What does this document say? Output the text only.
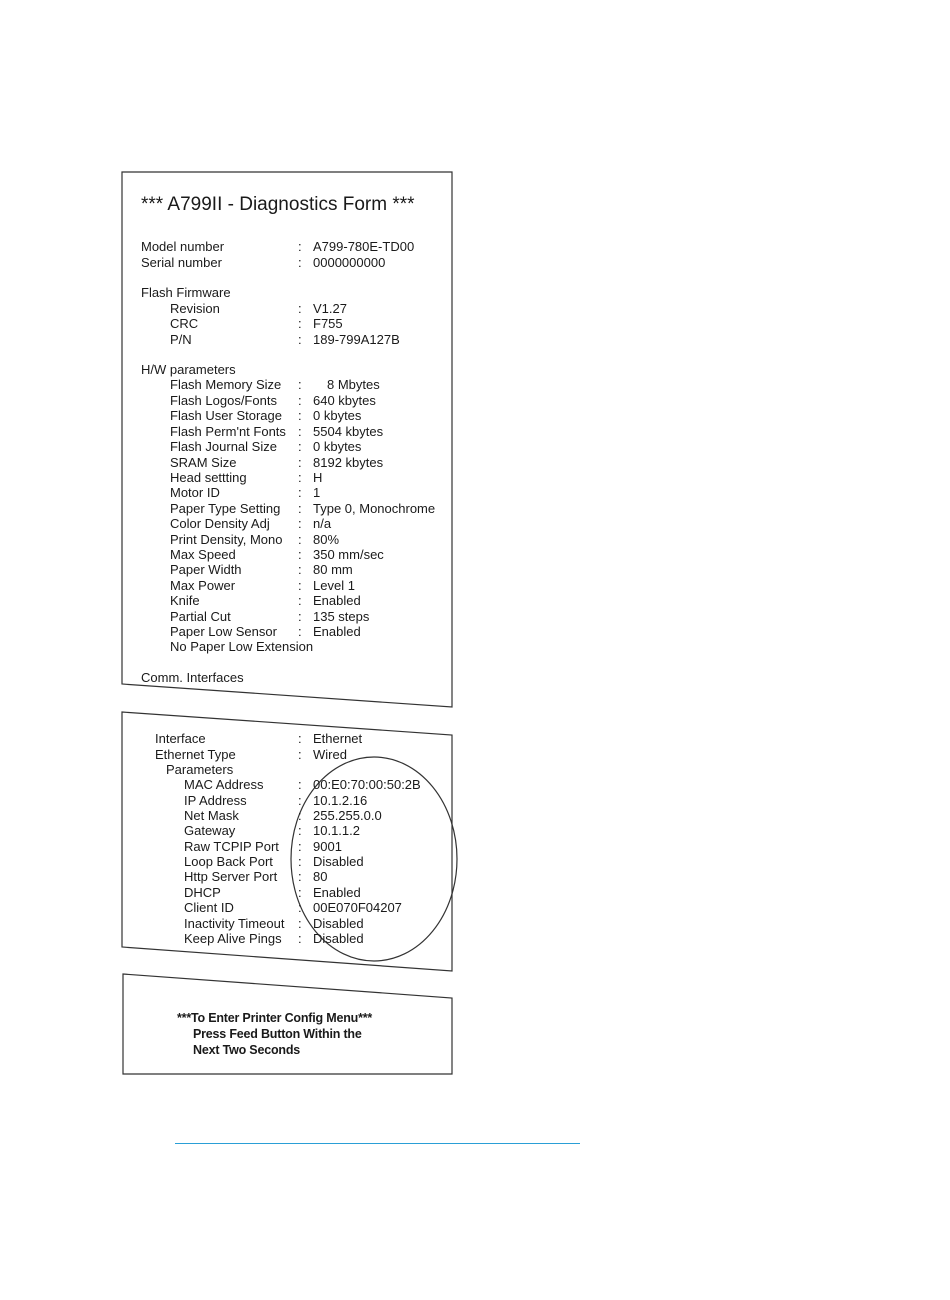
*** A799II - Diagnostics Form ***
Model number	: A799-780E-TD00
Serial number	: 0000000000
Flash Firmware
Revision	: V1.27
CRC	: F755
P/N	: 189-799A127B
H/W parameters
Flash Memory Size : 8 Mbytes
Flash Logos/Fonts : 640 kbytes
Flash User Storage : 0 kbytes
Flash Perm'nt Fonts : 5504 kbytes
Flash Journal Size : 0 kbytes
SRAM Size	: 8192 kbytes
Head settting	: H
Motor ID	: 1
Paper Type Setting : Type 0, Monochrome
Color Density Adj : n/a
Print Density, Mono : 80%
Max Speed	: 350 mm/sec
Paper Width	: 80 mm
Max Power	: Level 1
Knife	: Enabled
Partial Cut	: 135 steps
Paper Low Sensor : Enabled
No Paper Low Extension
Comm. Interfaces
Interface	: Ethernet
Ethernet Type	: Wired
Parameters
MAC Address	: 00:E0:70:00:50:2B
IP Address	: 10.1.2.16
Net Mask	: 255.255.0.0
Gateway	: 10.1.1.2
Raw TCPIP Port : 9001
Loop Back Port : Disabled
Http Server Port : 80
DHCP	: Enabled
Client ID	: 00E070F04207
Inactivity Timeout : Disabled
Keep Alive Pings : Disabled
***To Enter Printer Config Menu***
Press Feed Button Within the
Next Two Seconds
